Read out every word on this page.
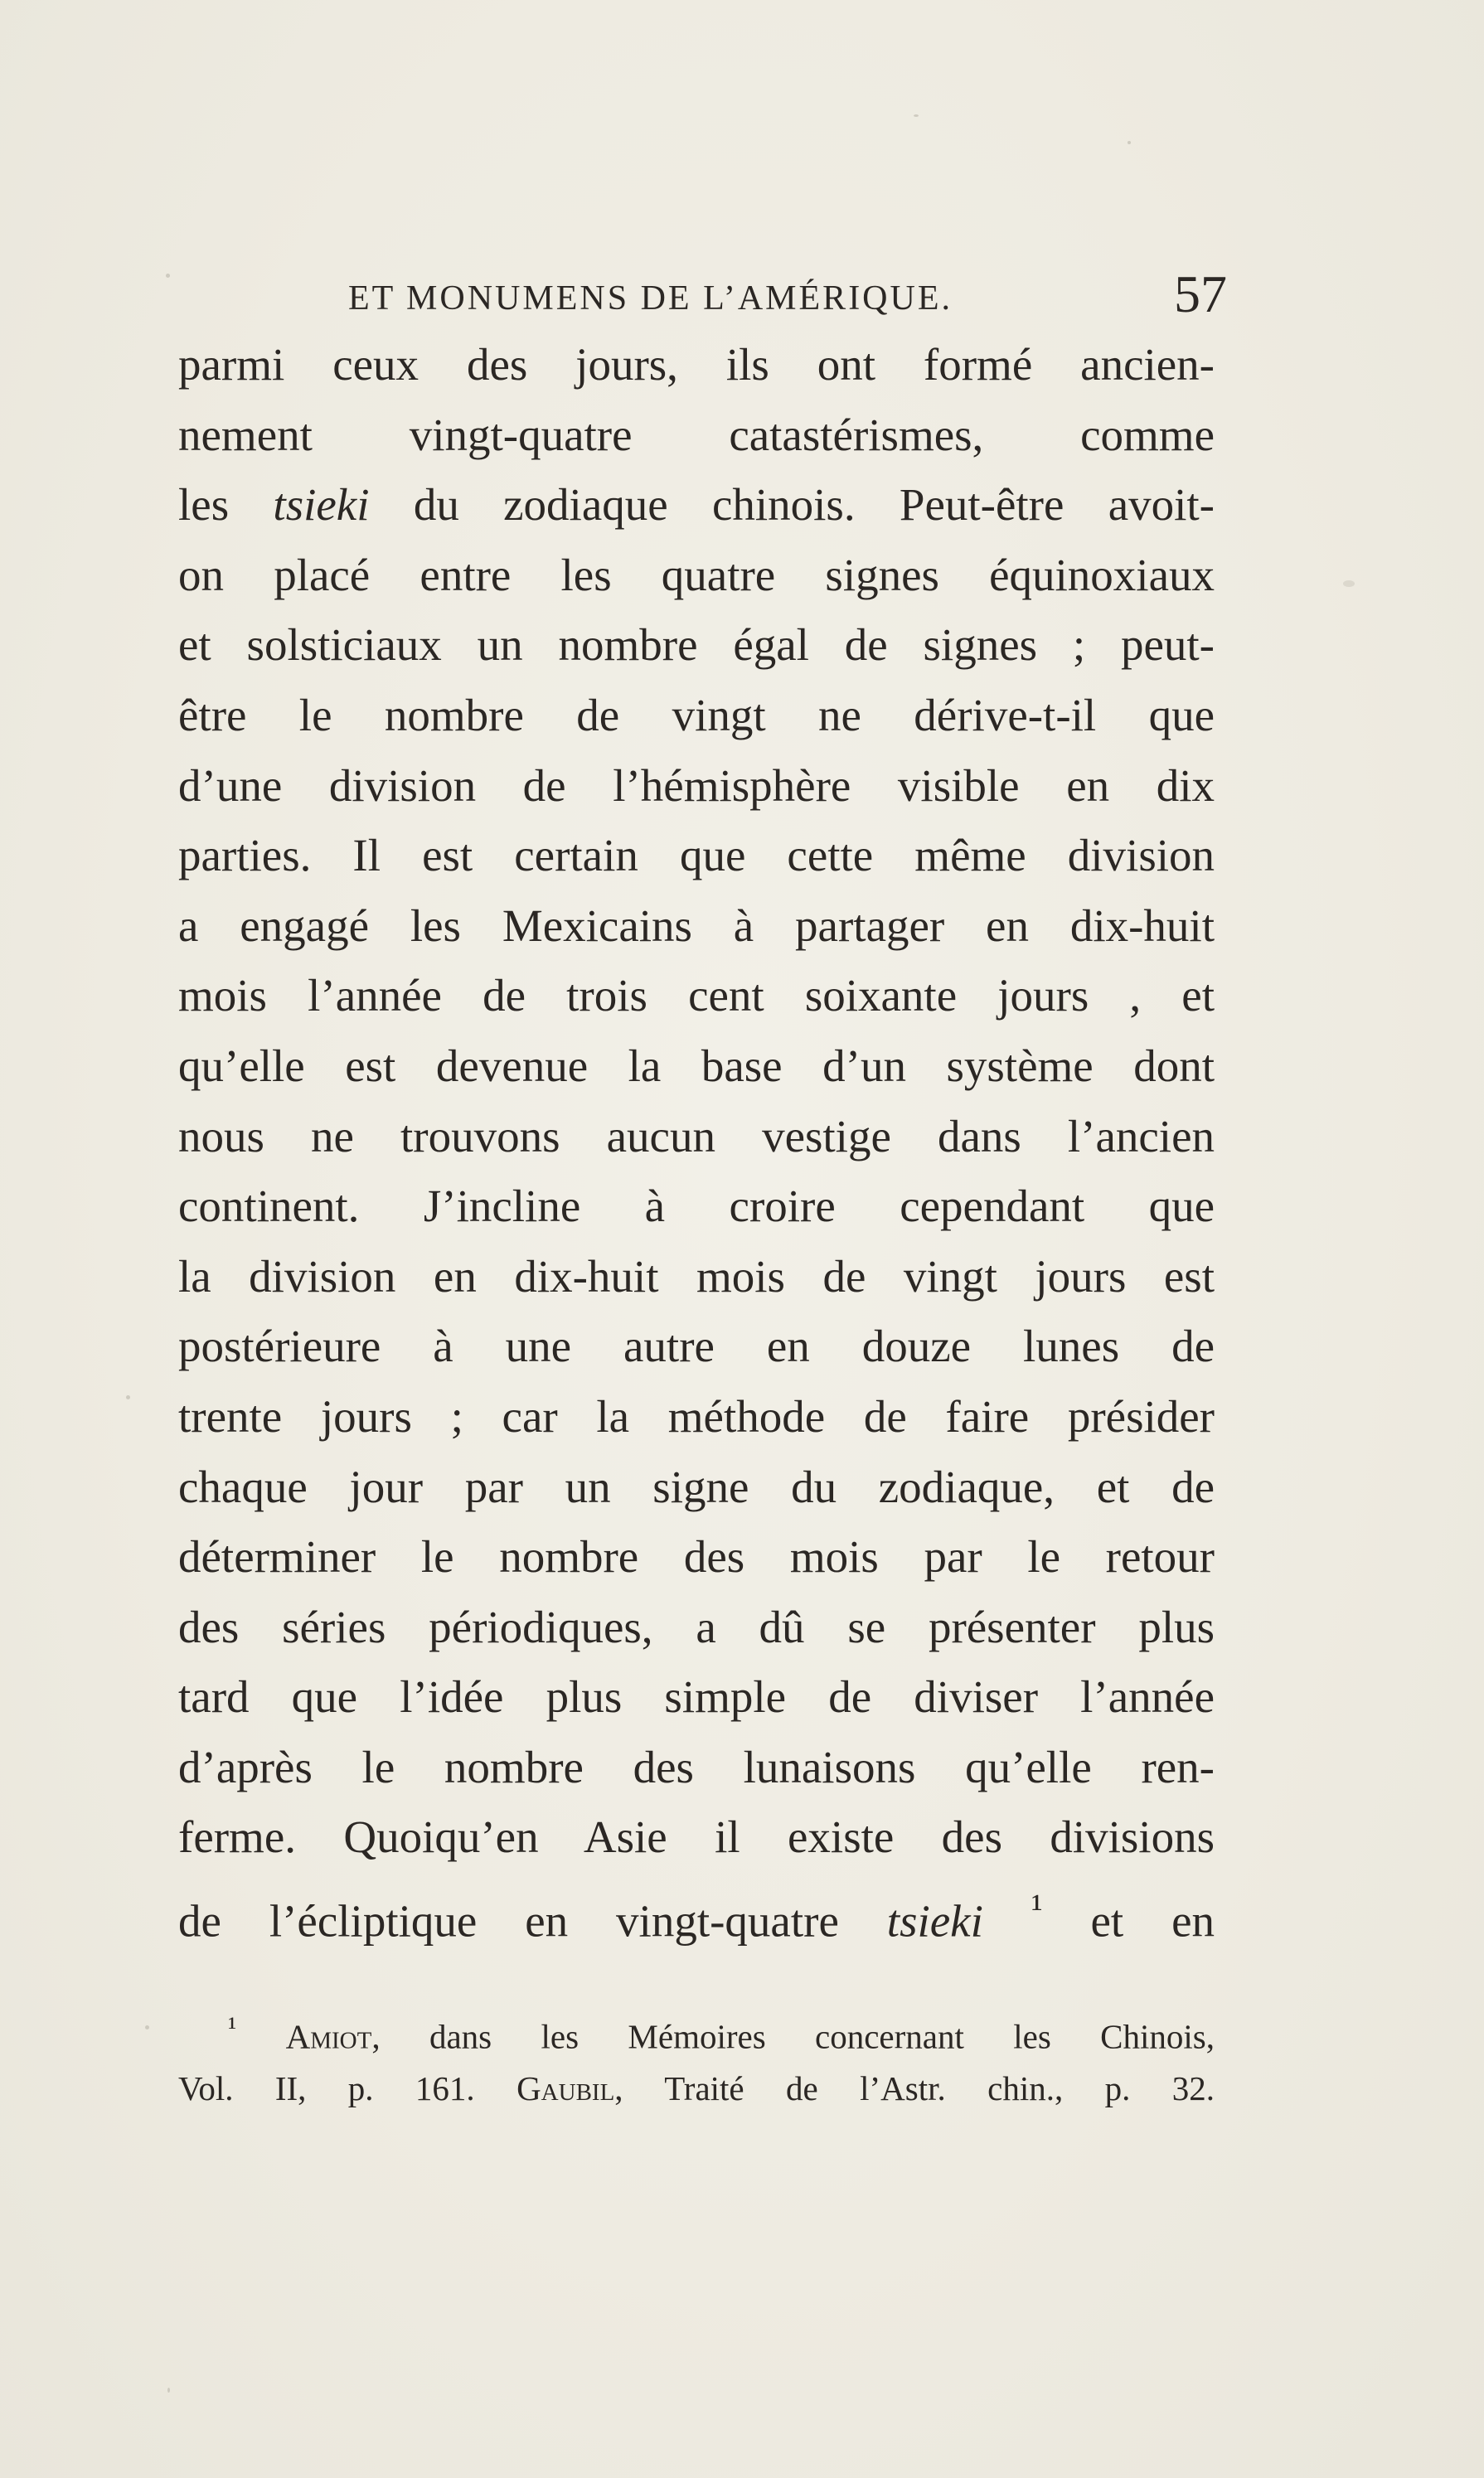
ET MONUMENS DE L’AMÉRIQUE.	57
parmi ceux des jours, ils ont formé ancien-
nement vingt-quatre catastérismes, comme
les tsieki du zodiaque chinois. Peut-être avoit-
on placé entre les quatre signes équinoxiaux
et solsticiaux un nombre égal de signes ; peut-
être le nombre de vingt ne dérive-t-il que
d’une division de l’hémisphère visible en dix
parties. Il est certain que cette même division
a engagé les Mexicains à partager en dix-huit
mois l’année de trois cent soixante jours , et
qu’elle est devenue la base d’un système dont
nous ne trouvons aucun vestige dans l’ancien
continent. J’incline à croire cependant que
la division en dix-huit mois de vingt jours est
postérieure à une autre en douze lunes de
trente jours ; car la méthode de faire présider
chaque jour par un signe du zodiaque, et de
déterminer le nombre des mois par le retour
des séries périodiques, a dû se présenter plus
tard que l’idée plus simple de diviser l’année
d’après le nombre des lunaisons qu’elle ren-
ferme. Quoiqu’en Asie il existe des divisions
de l’écliptique en vingt-quatre tsieki $^{^1}$ et en
$^{^1}$ Amiot, dans les Mémoires concernant les Chinois,
Vol. II, p. 161. Gaubil, Traité de l’Astr. chin., p. 32.
